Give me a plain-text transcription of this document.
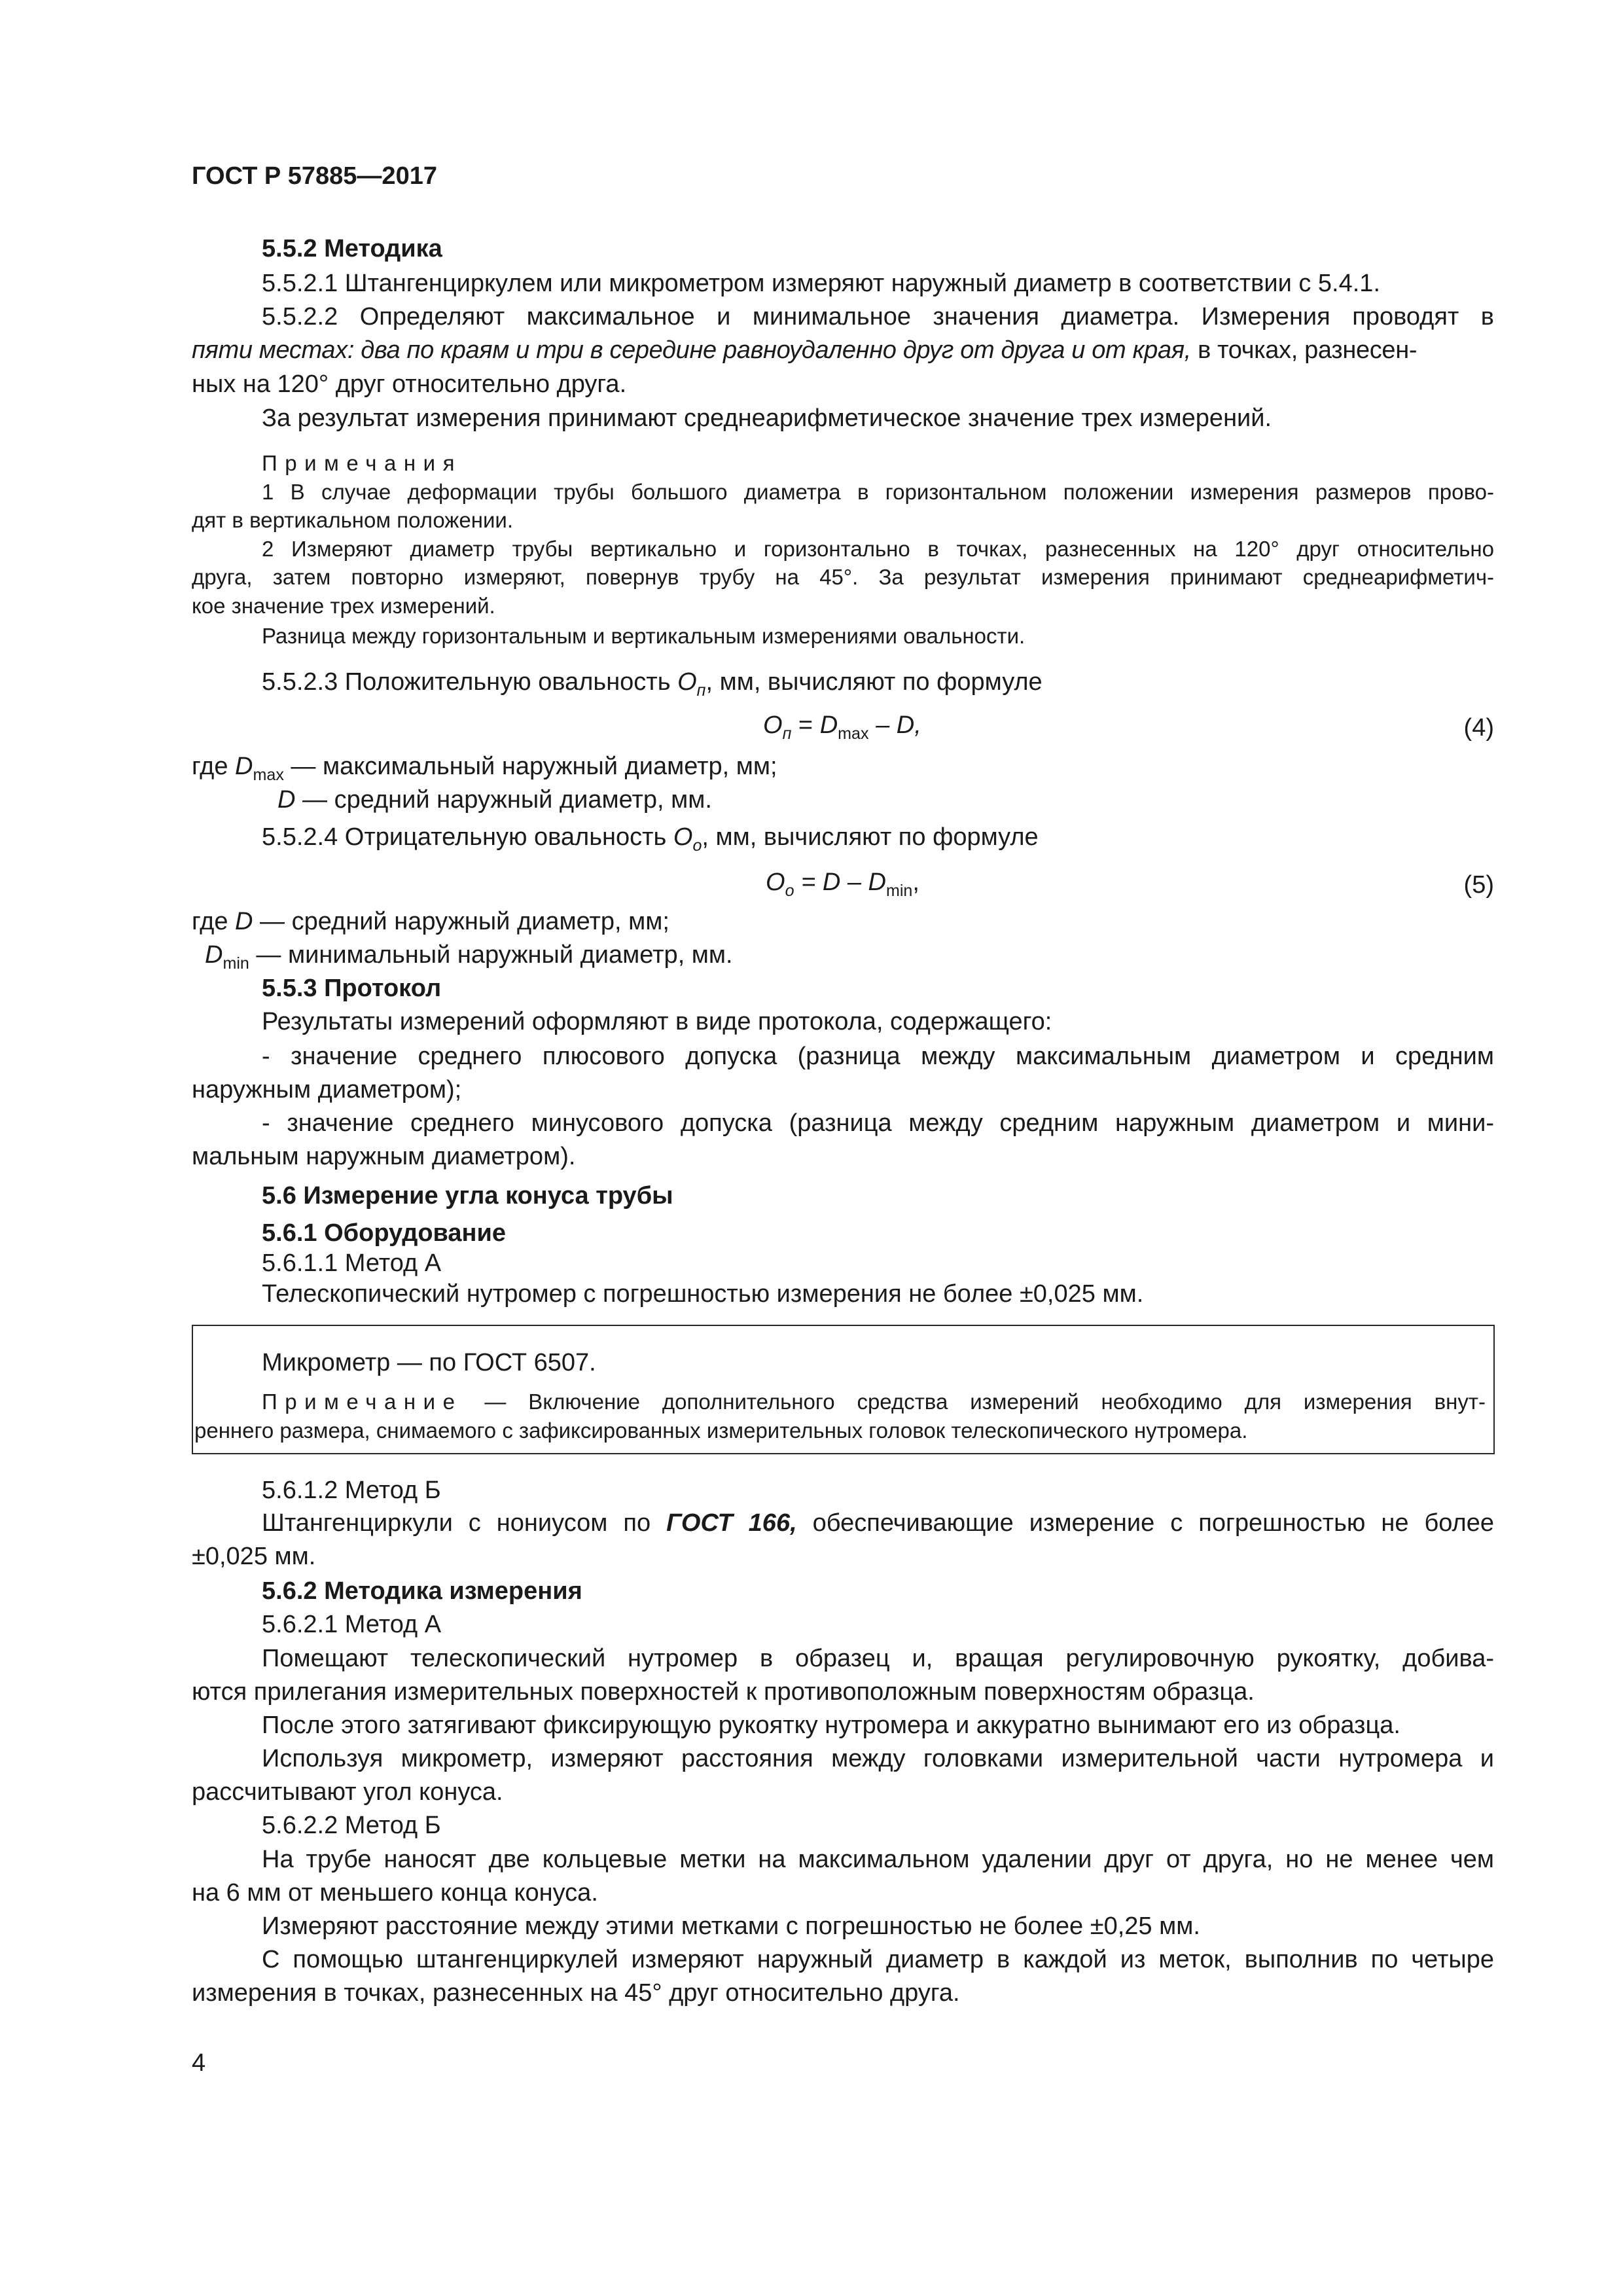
ГОСТ Р 57885—2017
5.5.2 Методика
5.5.2.1 Штангенциркулем или микрометром измеряют наружный диаметр в соответствии с 5.4.1.
5.5.2.2 Определяют максимальное и минимальное значения диаметра. Измерения проводят в
пяти местах: два по краям и три в середине равноудаленно друг от друга и от края, в точках, разнесен-
ных на 120° друг относительно друга.
За результат измерения принимают среднеарифметическое значение трех измерений.
Примечания
1 В случае деформации трубы большого диаметра в горизонтальном положении измерения размеров прово-
дят в вертикальном положении.
2 Измеряют диаметр трубы вертикально и горизонтально в точках, разнесенных на 120° друг относительно
друга, затем повторно измеряют, повернув трубу на 45°. За результат измерения принимают среднеарифметич-
кое значение трех измерений.
Разница между горизонтальным и вертикальным измерениями овальности.
5.5.2.3 Положительную овальность $O_п$, мм, вычисляют по формуле
$O_п = D_{max} - D$,	(4)
где $D_{max}$ — максимальный наружный диаметр, мм;
D — средний наружный диаметр, мм.
5.5.2.4 Отрицательную овальность $O_о$, мм, вычисляют по формуле
$O_о = D - D_{min}$,	(5)
где D — средний наружный диаметр, мм;
$D_{min}$ — минимальный наружный диаметр, мм.
5.5.3 Протокол
Результаты измерений оформляют в виде протокола, содержащего:
- значение среднего плюсового допуска (разница между максимальным диаметром и средним
наружным диаметром);
- значение среднего минусового допуска (разница между средним наружным диаметром и мини-
мальным наружным диаметром).
5.6 Измерение угла конуса трубы
5.6.1 Оборудование
5.6.1.1 Метод А
Телескопический нутромер с погрешностью измерения не более ±0,025 мм.
Микрометр — по ГОСТ 6507.
Примечание — Включение дополнительного средства измерений необходимо для измерения внут-
реннего размера, снимаемого с зафиксированных измерительных головок телескопического нутромера.
5.6.1.2 Метод Б
Штангенциркули с нониусом по ГОСТ 166, обеспечивающие измерение с погрешностью не более
±0,025 мм.
5.6.2 Методика измерения
5.6.2.1 Метод А
Помещают телескопический нутромер в образец и, вращая регулировочную рукоятку, добива-
ются прилегания измерительных поверхностей к противоположным поверхностям образца.
После этого затягивают фиксирующую рукоятку нутромера и аккуратно вынимают его из образца.
Используя микрометр, измеряют расстояния между головками измерительной части нутромера и
рассчитывают угол конуса.
5.6.2.2 Метод Б
На трубе наносят две кольцевые метки на максимальном удалении друг от друга, но не менее чем
на 6 мм от меньшего конца конуса.
Измеряют расстояние между этими метками с погрешностью не более ±0,25 мм.
С помощью штангенциркулей измеряют наружный диаметр в каждой из меток, выполнив по четыре
измерения в точках, разнесенных на 45° друг относительно друга.
4
